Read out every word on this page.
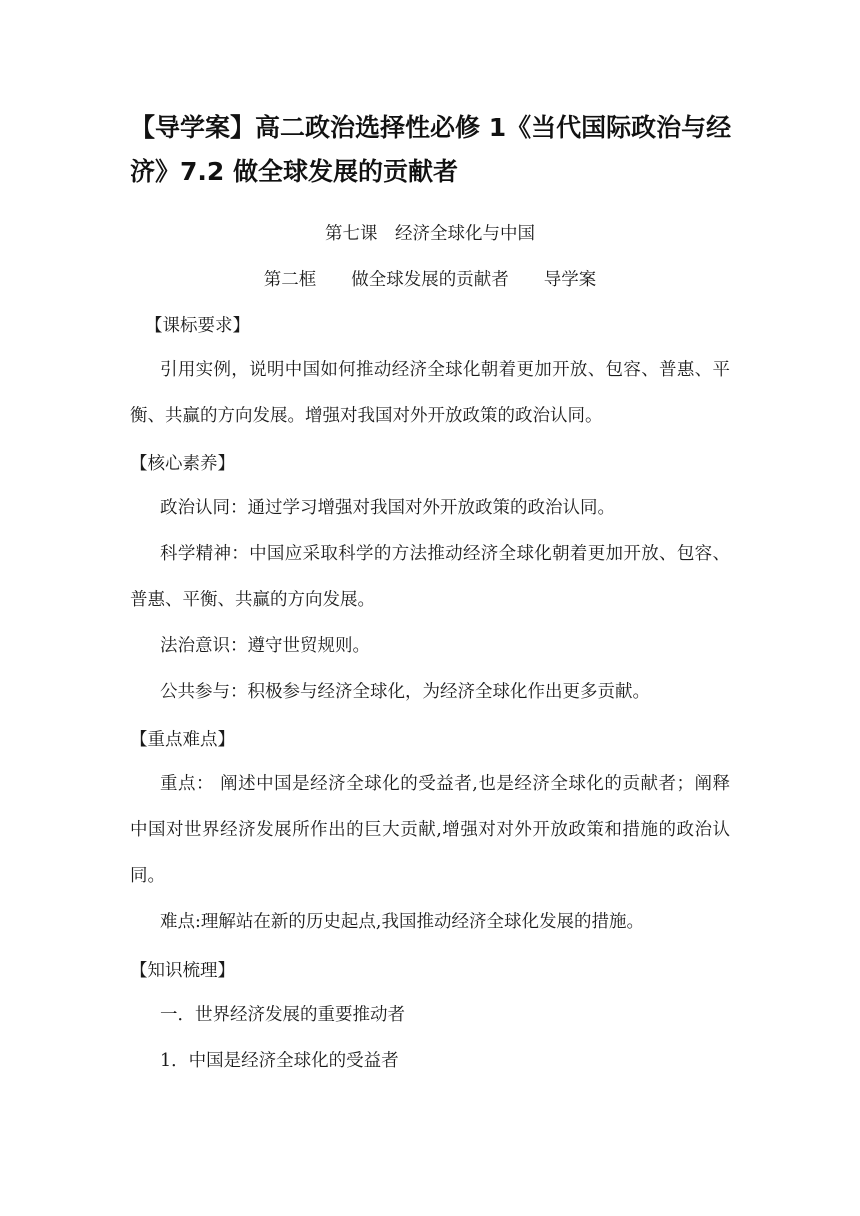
【导学案】高二政治选择性必修 1《当代国际政治与经济》7.2 做全球发展的贡献者

第七课　经济全球化与中国

第二框　　做全球发展的贡献者　　导学案

【课标要求】

引用实例，说明中国如何推动经济全球化朝着更加开放、包容、普惠、平衡、共赢的方向发展。增强对我国对外开放政策的政治认同。

【核心素养】

政治认同：通过学习增强对我国对外开放政策的政治认同。

科学精神：中国应采取科学的方法推动经济全球化朝着更加开放、包容、普惠、平衡、共赢的方向发展。

法治意识：遵守世贸规则。

公共参与：积极参与经济全球化，为经济全球化作出更多贡献。

【重点难点】

重点： 阐述中国是经济全球化的受益者,也是经济全球化的贡献者；阐释中国对世界经济发展所作出的巨大贡献,增强对对外开放政策和措施的政治认同。

难点:理解站在新的历史起点,我国推动经济全球化发展的措施。

【知识梳理】

一．世界经济发展的重要推动者

1．中国是经济全球化的受益者
